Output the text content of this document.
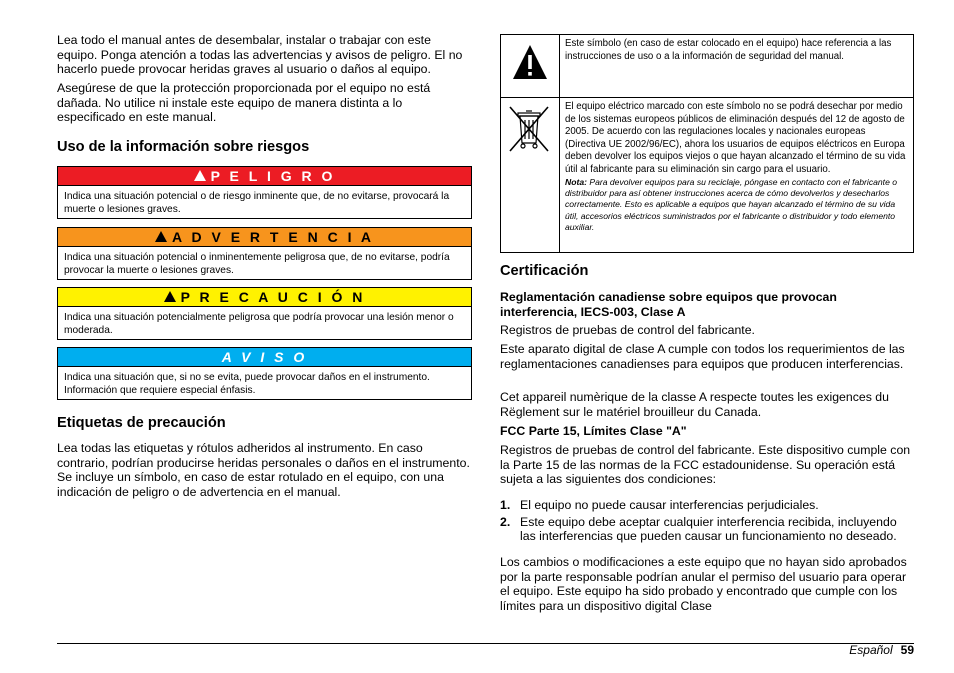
Lea todo el manual antes de desembalar, instalar o trabajar con este equipo. Ponga atención a todas las advertencias y avisos de peligro. El no hacerlo puede provocar heridas graves al usuario o daños al equipo.

Asegúrese de que la protección proporcionada por el equipo no está dañada. No utilice ni instale este equipo de manera distinta a lo especificado en este manual.

Uso de la información sobre riesgos
P E L I G R O
Indica una situación potencial o de riesgo inminente que, de no evitarse, provocará la muerte o lesiones graves.
A D V E R T E N C I A
Indica una situación potencial o inminentemente peligrosa que, de no evitarse, podría provocar la muerte o lesiones graves.
P R E C A U C I Ó N
Indica una situación potencialmente peligrosa que podría provocar una lesión menor o moderada.
A V I S O
Indica una situación que, si no se evita, puede provocar daños en el instrumento. Información que requiere especial énfasis.
Etiquetas de precaución

Lea todas las etiquetas y rótulos adheridos al instrumento. En caso contrario, podrían producirse heridas personales o daños en el instrumento. Se incluye un símbolo, en caso de estar rotulado en el equipo, con una indicación de peligro o de advertencia en el manual.

	Este símbolo (en caso de estar colocado en el equipo) hace referencia a las instrucciones de uso o a la información de seguridad del manual.

El equipo eléctrico marcado con este símbolo no se podrá desechar por medio de los sistemas europeos públicos de eliminación después del 12 de agosto de 2005. De acuerdo con las regulaciones locales y nacionales europeas (Directiva UE 2002/96/EC), ahora los usuarios de equipos eléctricos en Europa deben devolver los equipos viejos o que hayan alcanzado el término de su vida útil al fabricante para su eliminación sin cargo para el usuario.
Nota: Para devolver equipos para su reciclaje, póngase en contacto con el fabricante o distribuidor para así obtener instrucciones acerca de cómo devolverlos y desecharlos correctamente. Esto es aplicable a equipos que hayan alcanzado el término de su vida útil, accesorios eléctricos suministrados por el fabricante o distribuidor y todo elemento auxiliar.
Certificación
Reglamentación canadiense sobre equipos que provocan interferencia, IECS-003, Clase A

Registros de pruebas de control del fabricante.

Este aparato digital de clase A cumple con todos los requerimientos de las reglamentaciones canadienses para equipos que producen interferencias.

Cet appareil numèrique de la classe A respecte toutes les exigences du Rëglement sur le matériel brouilleur du Canada.

FCC Parte 15, Límites Clase "A"

Registros de pruebas de control del fabricante. Este dispositivo cumple con la Parte 15 de las normas de la FCC estadounidense. Su operación está sujeta a las siguientes dos condiciones:

1. El equipo no puede causar interferencias perjudiciales.
2. Este equipo debe aceptar cualquier interferencia recibida, incluyendo las interferencias que pueden causar un funcionamiento no deseado.

Los cambios o modificaciones a este equipo que no hayan sido aprobados por la parte responsable podrían anular el permiso del usuario para operar el equipo. Este equipo ha sido probado y encontrado que cumple con los límites para un dispositivo digital Clase

Español 59
